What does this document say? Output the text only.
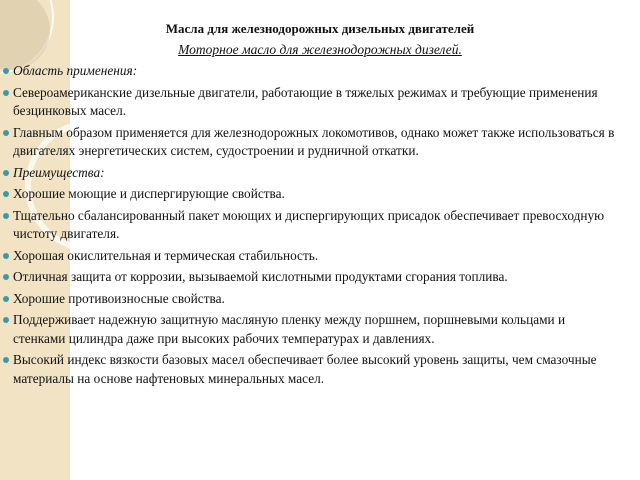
Масла для железнодорожных дизельных двигателей
Моторное масло для железнодорожных дизелей.
Область применения:
Североамериканские дизельные двигатели, работающие в тяжелых режимах и требующие применения безцинковых масел.
Главным образом применяется для железнодорожных локомотивов, однако может также использоваться в двигателях энергетических систем, судостроении и рудничной откатки.
Преимущества:
Хорошие моющие и диспергирующие свойства.
Тщательно сбалансированный пакет моющих и диспергирующих присадок обеспечивает превосходную чистоту двигателя.
Хорошая окислительная и термическая стабильность.
Отличная защита от коррозии, вызываемой кислотными продуктами сгорания топлива.
Хорошие противоизносные свойства.
Поддерживает надежную защитную масляную пленку между поршнем, поршневыми кольцами и стенками цилиндра даже при высоких рабочих температурах и давлениях.
Высокий индекс вязкости базовых масел обеспечивает более высокий уровень защиты, чем смазочные материалы на основе нафтеновых минеральных масел.
